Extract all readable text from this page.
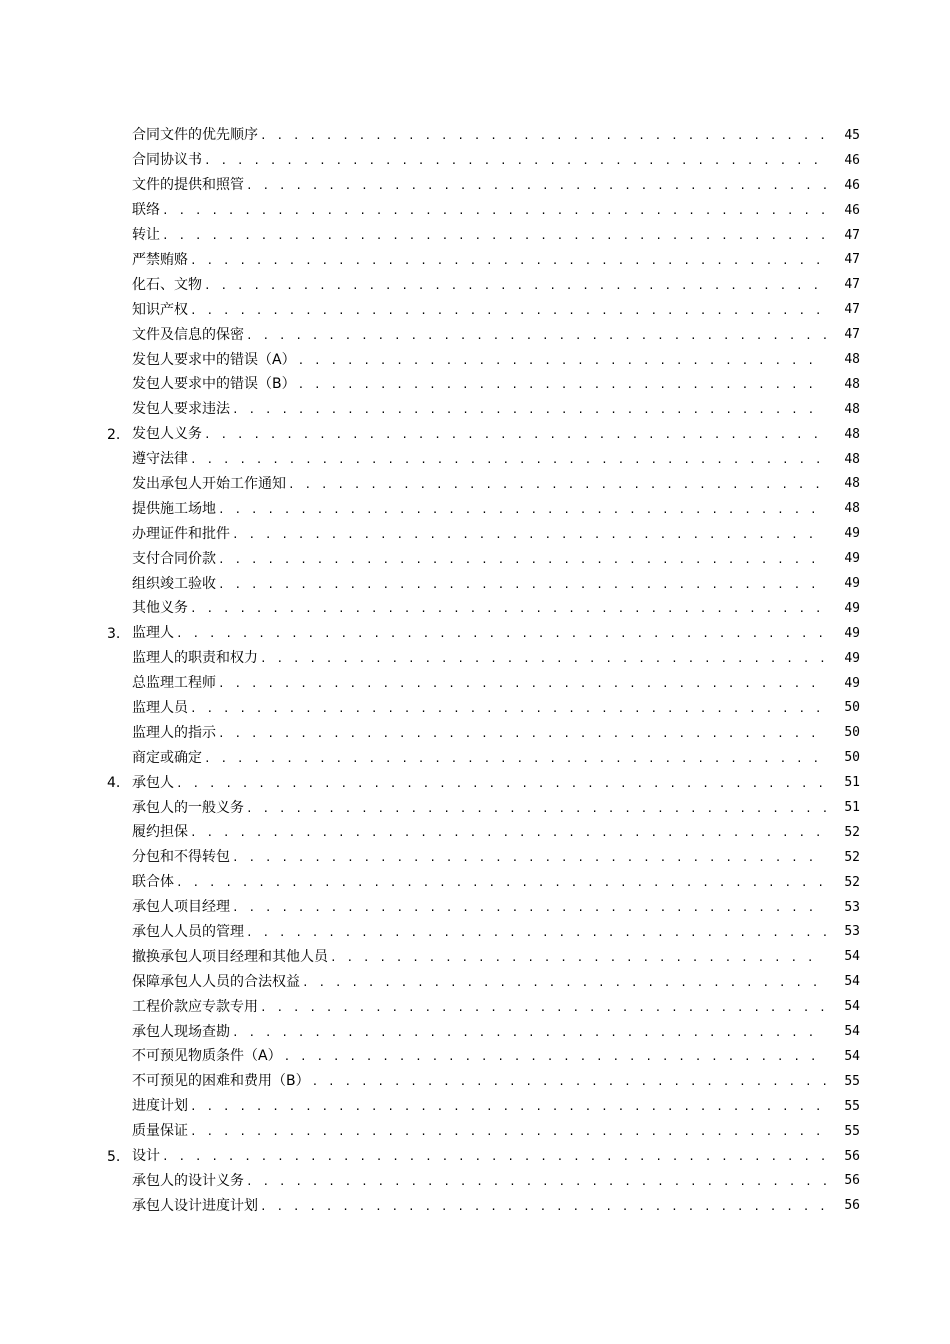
合同文件的优先顺序 . . .	45
合同协议书 . . .	46
文件的提供和照管 . . .	46
联络 . . .	46
转让 . . .	47
严禁贿赂 . . .	47
化石、文物 . . .	47
知识产权 . . .	47
文件及信息的保密 . . .	47
发包人要求中的错误（A） . . .	48
发包人要求中的错误（B） . . .	48
发包人要求违法 . . .	48
2. 发包人义务 . . .	48
遵守法律 . . .	48
发出承包人开始工作通知 . . .	48
提供施工场地 . . .	48
办理证件和批件 . . .	49
支付合同价款 . . .	49
组织竣工验收 . . .	49
其他义务 . . .	49
3. 监理人 . . .	49
监理人的职责和权力 . . .	49
总监理工程师 . . .	49
监理人员 . . .	50
监理人的指示 . . .	50
商定或确定 . . .	50
4. 承包人 . . .	51
承包人的一般义务 . . .	51
履约担保 . . .	52
分包和不得转包 . . .	52
联合体 . . .	52
承包人项目经理 . . .	53
承包人人员的管理 . . .	53
撤换承包人项目经理和其他人员 . . .	54
保障承包人人员的合法权益 . . .	54
工程价款应专款专用 . . .	54
承包人现场查勘 . . .	54
不可预见物质条件（A） . . .	54
不可预见的困难和费用（B） . . .	55
进度计划 . . .	55
质量保证 . . .	55
5. 设计 . . .	56
承包人的设计义务 . . .	56
承包人设计进度计划 . . .	56
